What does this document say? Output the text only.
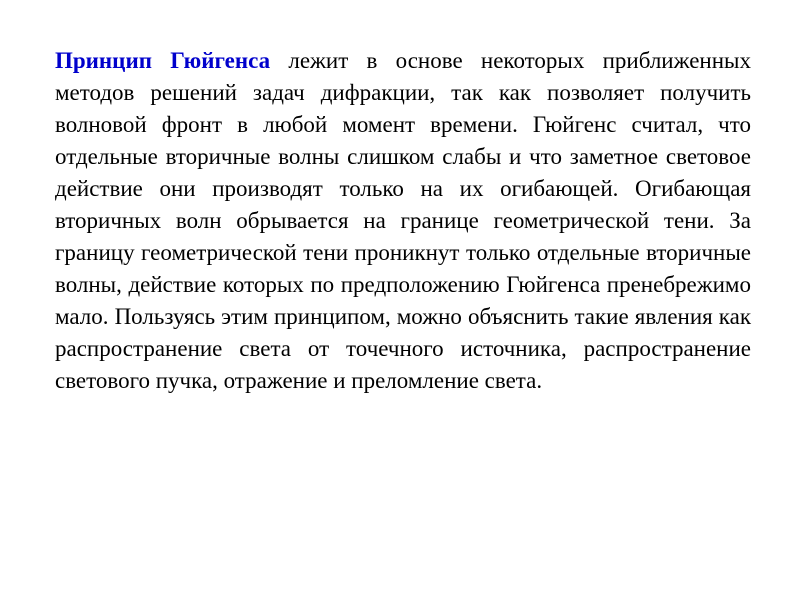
Принцип Гюйгенса лежит в основе некоторых приближенных методов решений задач дифракции, так как позволяет получить волновой фронт в любой момент времени. Гюйгенс считал, что отдельные вторичные волны слишком слабы и что заметное световое действие они производят только на их огибающей. Огибающая вторичных волн обрывается на границе геометрической тени. За границу геометрической тени проникнут только отдельные вторичные волны, действие которых по предположению Гюйгенса пренебрежимо мало. Пользуясь этим принципом, можно объяснить такие явления как распространение света от точечного источника, распространение светового пучка, отражение и преломление света.
